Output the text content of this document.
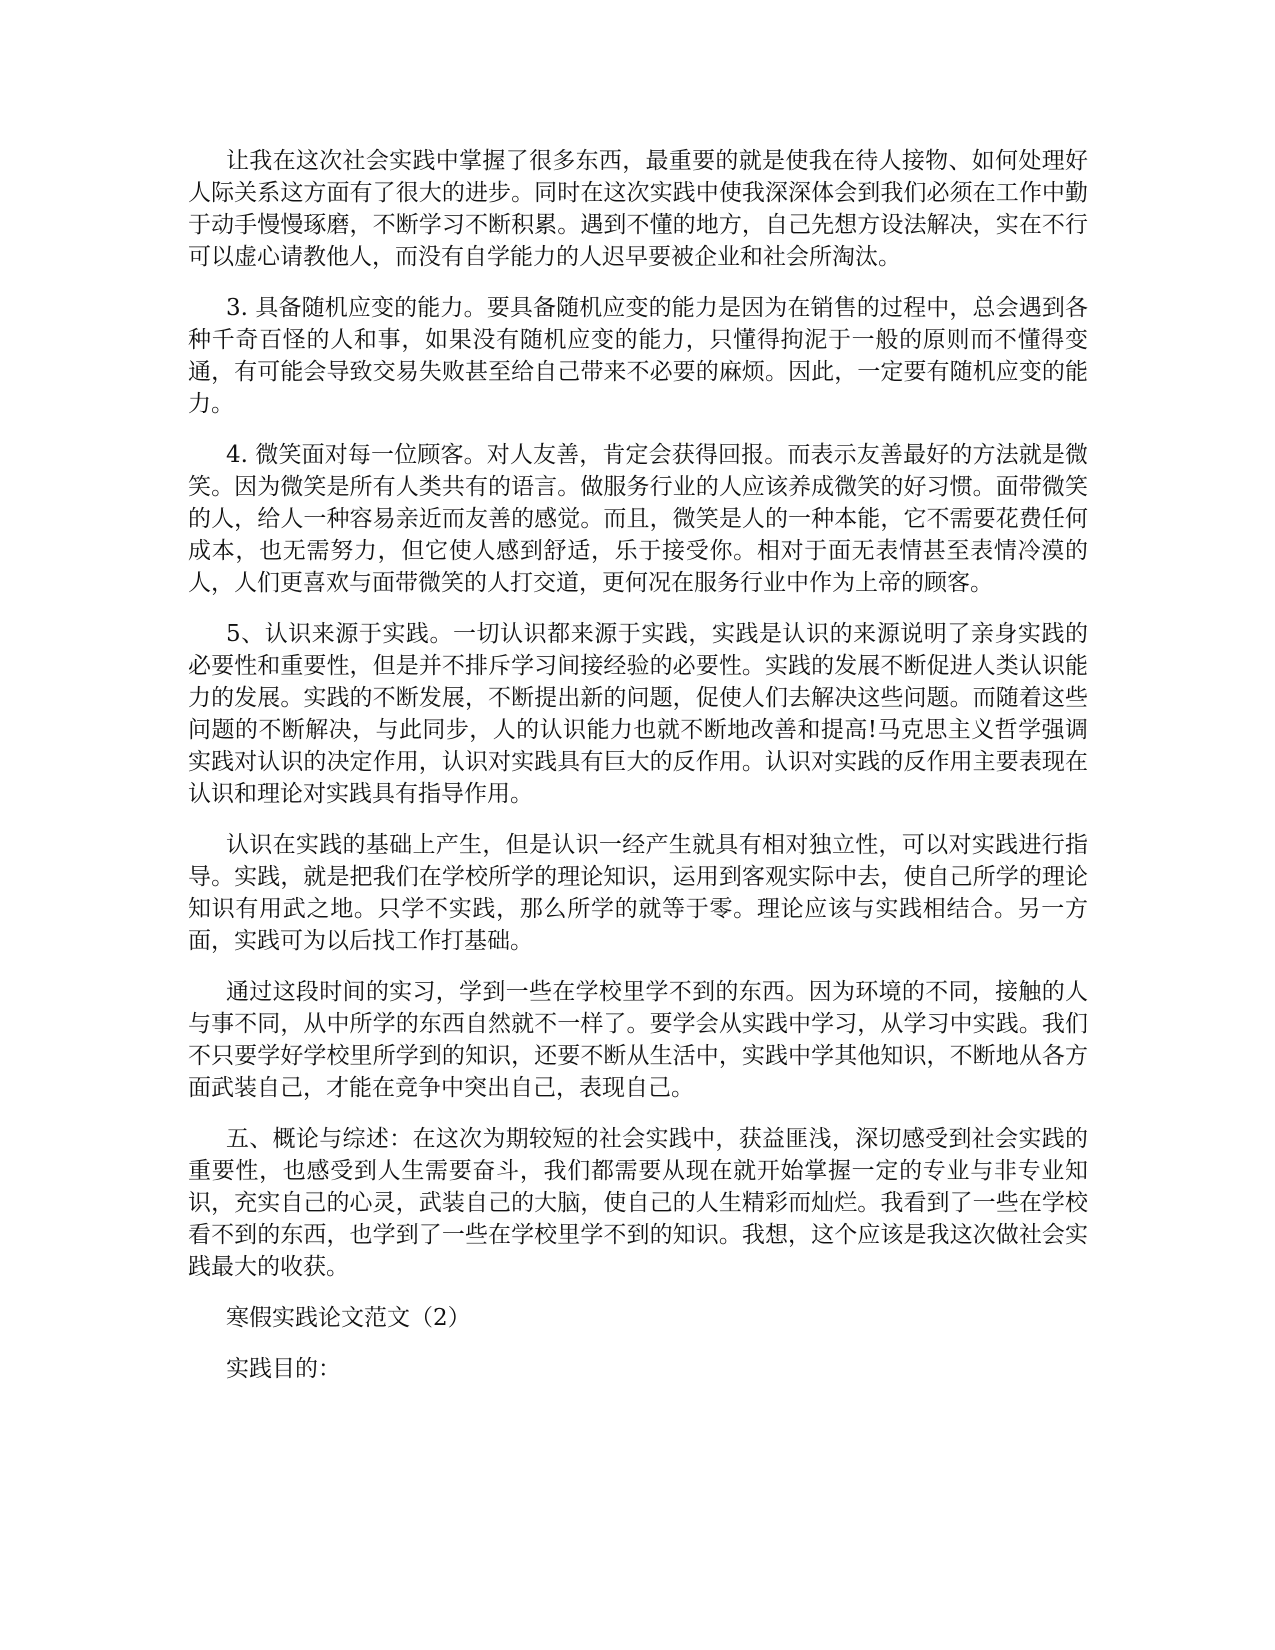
让我在这次社会实践中掌握了很多东西，最重要的就是使我在待人接物、如何处理好人际关系这方面有了很大的进步。同时在这次实践中使我深深体会到我们必须在工作中勤于动手慢慢琢磨，不断学习不断积累。遇到不懂的地方，自己先想方设法解决，实在不行可以虚心请教他人，而没有自学能力的人迟早要被企业和社会所淘汰。

3. 具备随机应变的能力。要具备随机应变的能力是因为在销售的过程中，总会遇到各种千奇百怪的人和事，如果没有随机应变的能力，只懂得拘泥于一般的原则而不懂得变通，有可能会导致交易失败甚至给自己带来不必要的麻烦。因此，一定要有随机应变的能力。

4. 微笑面对每一位顾客。对人友善，肯定会获得回报。而表示友善最好的方法就是微笑。因为微笑是所有人类共有的语言。做服务行业的人应该养成微笑的好习惯。面带微笑的人，给人一种容易亲近而友善的感觉。而且，微笑是人的一种本能，它不需要花费任何成本，也无需努力，但它使人感到舒适，乐于接受你。相对于面无表情甚至表情冷漠的人，人们更喜欢与面带微笑的人打交道，更何况在服务行业中作为上帝的顾客。

5、认识来源于实践。一切认识都来源于实践，实践是认识的来源说明了亲身实践的必要性和重要性，但是并不排斥学习间接经验的必要性。实践的发展不断促进人类认识能力的发展。实践的不断发展，不断提出新的问题，促使人们去解决这些问题。而随着这些问题的不断解决，与此同步，人的认识能力也就不断地改善和提高!马克思主义哲学强调实践对认识的决定作用，认识对实践具有巨大的反作用。认识对实践的反作用主要表现在认识和理论对实践具有指导作用。

认识在实践的基础上产生，但是认识一经产生就具有相对独立性，可以对实践进行指导。实践，就是把我们在学校所学的理论知识，运用到客观实际中去，使自己所学的理论知识有用武之地。只学不实践，那么所学的就等于零。理论应该与实践相结合。另一方面，实践可为以后找工作打基础。

通过这段时间的实习，学到一些在学校里学不到的东西。因为环境的不同，接触的人与事不同，从中所学的东西自然就不一样了。要学会从实践中学习，从学习中实践。我们不只要学好学校里所学到的知识，还要不断从生活中，实践中学其他知识，不断地从各方面武装自己，才能在竞争中突出自己，表现自己。

五、概论与综述：在这次为期较短的社会实践中，获益匪浅，深切感受到社会实践的重要性，也感受到人生需要奋斗，我们都需要从现在就开始掌握一定的专业与非专业知识，充实自己的心灵，武装自己的大脑，使自己的人生精彩而灿烂。我看到了一些在学校看不到的东西，也学到了一些在学校里学不到的知识。我想，这个应该是我这次做社会实践最大的收获。

寒假实践论文范文（2）

实践目的：
